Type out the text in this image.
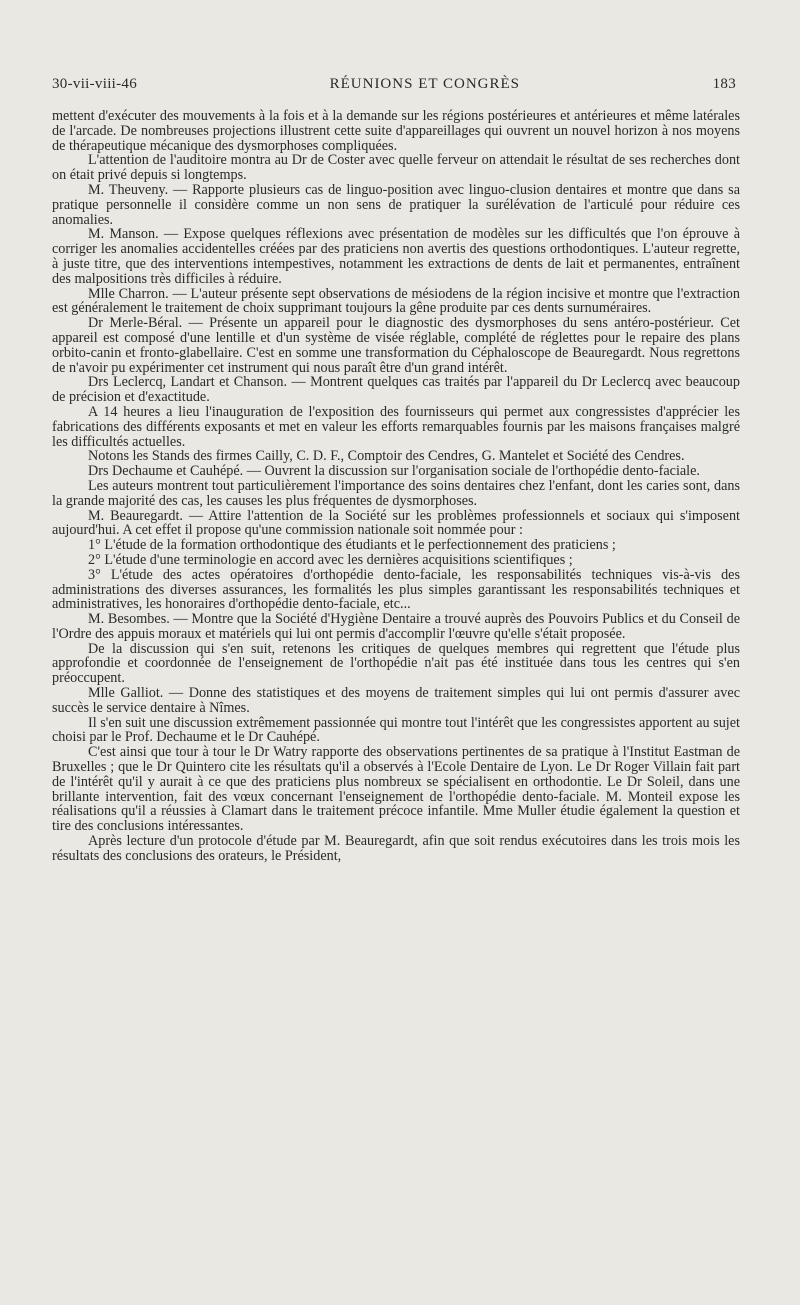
30-vii-viii-46	RÉUNIONS ET CONGRÈS	183

mettent d'exécuter des mouvements à la fois et à la demande sur les régions postérieures et antérieures et même latérales de l'arcade. De nombreuses projections illustrent cette suite d'appareillages qui ouvrent un nouvel horizon à nos moyens de thérapeutique mécanique des dysmorphoses compliquées.

L'attention de l'auditoire montra au Dr de Coster avec quelle ferveur on attendait le résultat de ses recherches dont on était privé depuis si longtemps.

M. Theuveny. — Rapporte plusieurs cas de linguo-position avec linguo-clusion dentaires et montre que dans sa pratique personnelle il considère comme un non sens de pratiquer la surélévation de l'articulé pour réduire ces anomalies.

M. Manson. — Expose quelques réflexions avec présentation de modèles sur les difficultés que l'on éprouve à corriger les anomalies accidentelles créées par des praticiens non avertis des questions orthodontiques. L'auteur regrette, à juste titre, que des interventions intempestives, notamment les extractions de dents de lait et permanentes, entraînent des malpositions très difficiles à réduire.

Mlle Charron. — L'auteur présente sept observations de mésiodens de la région incisive et montre que l'extraction est généralement le traitement de choix supprimant toujours la gêne produite par ces dents surnuméraires.

Dr Merle-Béral. — Présente un appareil pour le diagnostic des dysmorphoses du sens antéro-postérieur. Cet appareil est composé d'une lentille et d'un système de visée réglable, complété de réglettes pour le repaire des plans orbito-canin et fronto-glabellaire. C'est en somme une transformation du Céphaloscope de Beauregardt. Nous regrettons de n'avoir pu expérimenter cet instrument qui nous paraît être d'un grand intérêt.

Drs Leclercq, Landart et Chanson. — Montrent quelques cas traités par l'appareil du Dr Leclercq avec beaucoup de précision et d'exactitude.

A 14 heures a lieu l'inauguration de l'exposition des fournisseurs qui permet aux congressistes d'apprécier les fabrications des différents exposants et met en valeur les efforts remarquables fournis par les maisons françaises malgré les difficultés actuelles.

Notons les Stands des firmes Cailly, C. D. F., Comptoir des Cendres, G. Mantelet et Société des Cendres.

Drs Dechaume et Cauhépé. — Ouvrent la discussion sur l'organisation sociale de l'orthopédie dento-faciale.

Les auteurs montrent tout particulièrement l'importance des soins dentaires chez l'enfant, dont les caries sont, dans la grande majorité des cas, les causes les plus fréquentes de dysmorphoses.

M. Beauregardt. — Attire l'attention de la Société sur les problèmes professionnels et sociaux qui s'imposent aujourd'hui. A cet effet il propose qu'une commission nationale soit nommée pour :

1° L'étude de la formation orthodontique des étudiants et le perfectionnement des praticiens ;

2° L'étude d'une terminologie en accord avec les dernières acquisitions scientifiques ;

3° L'étude des actes opératoires d'orthopédie dento-faciale, les responsabilités techniques vis-à-vis des administrations des diverses assurances, les formalités les plus simples garantissant les responsabilités techniques et administratives, les honoraires d'orthopédie dento-faciale, etc...

M. Besombes. — Montre que la Société d'Hygiène Dentaire a trouvé auprès des Pouvoirs Publics et du Conseil de l'Ordre des appuis moraux et matériels qui lui ont permis d'accomplir l'œuvre qu'elle s'était proposée.

De la discussion qui s'en suit, retenons les critiques de quelques membres qui regrettent que l'étude plus approfondie et coordonnée de l'enseignement de l'orthopédie n'ait pas été instituée dans tous les centres qui s'en préoccupent.

Mlle Galliot. — Donne des statistiques et des moyens de traitement simples qui lui ont permis d'assurer avec succès le service dentaire à Nîmes.

Il s'en suit une discussion extrêmement passionnée qui montre tout l'intérêt que les congressistes apportent au sujet choisi par le Prof. Dechaume et le Dr Cauhépé.

C'est ainsi que tour à tour le Dr Watry rapporte des observations pertinentes de sa pratique à l'Institut Eastman de Bruxelles ; que le Dr Quintero cite les résultats qu'il a observés à l'Ecole Dentaire de Lyon. Le Dr Roger Villain fait part de l'intérêt qu'il y aurait à ce que des praticiens plus nombreux se spécialisent en orthodontie. Le Dr Soleil, dans une brillante intervention, fait des vœux concernant l'enseignement de l'orthopédie dento-faciale. M. Monteil expose les réalisations qu'il a réussies à Clamart dans le traitement précoce infantile. Mme Muller étudie également la question et tire des conclusions intéressantes.

Après lecture d'un protocole d'étude par M. Beauregardt, afin que soit rendus exécutoires dans les trois mois les résultats des conclusions des orateurs, le Président,
